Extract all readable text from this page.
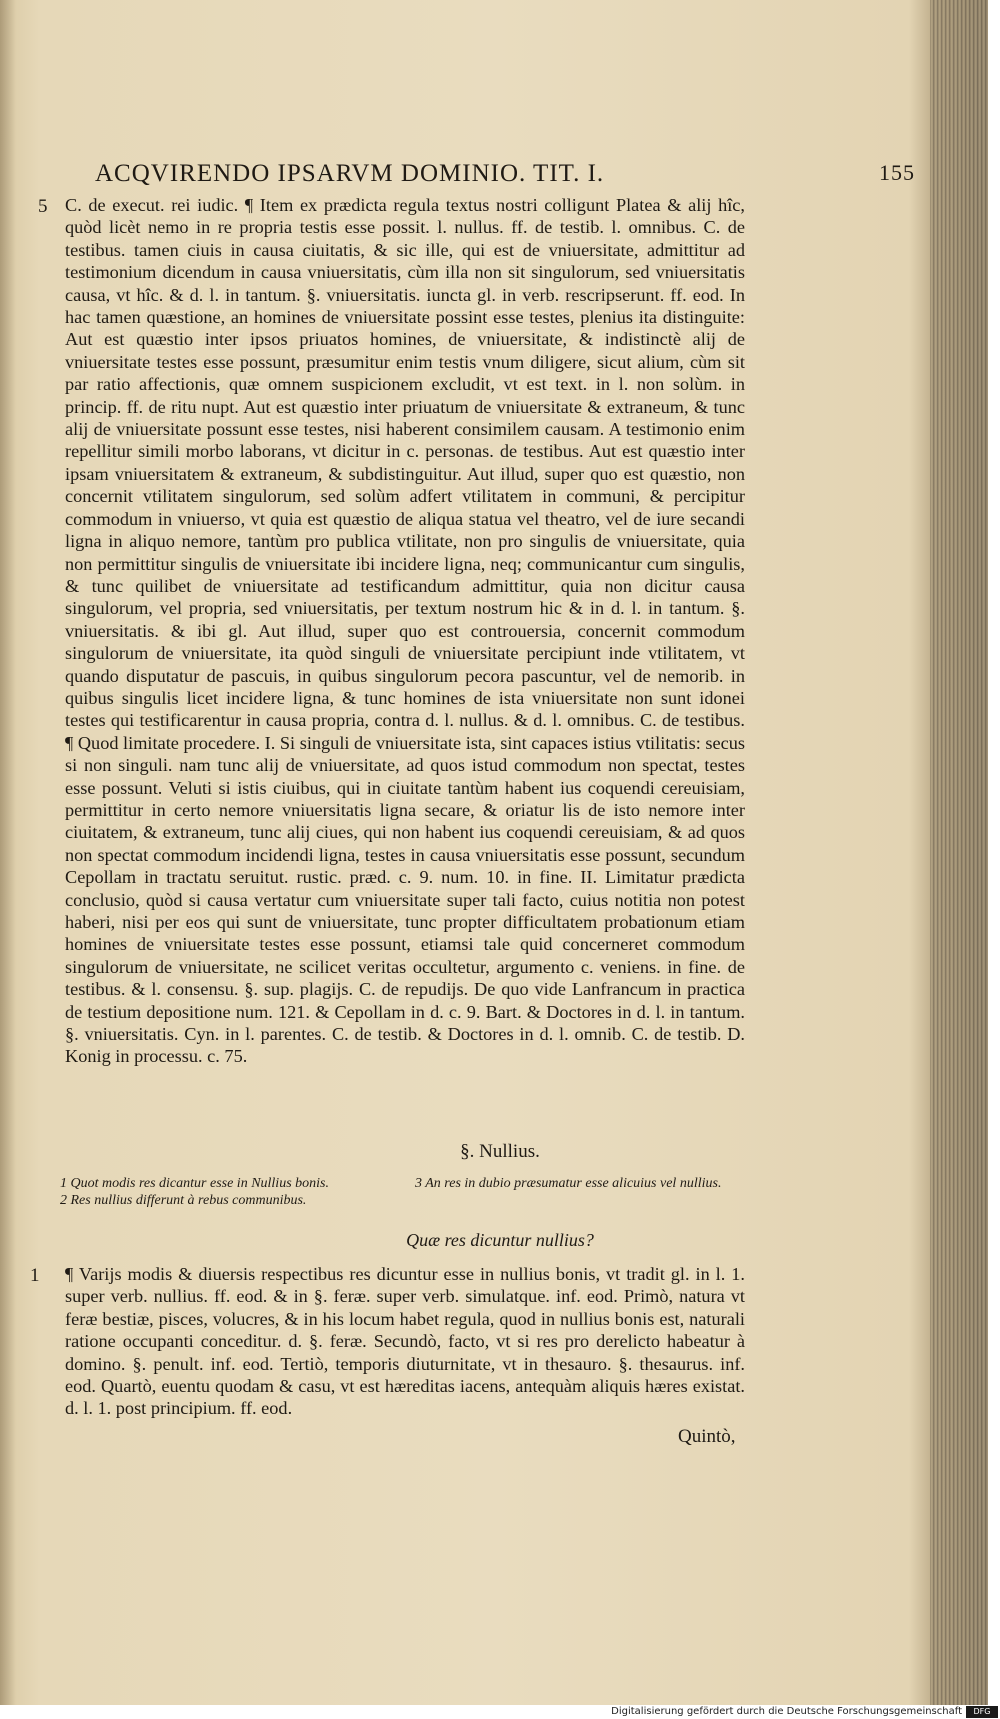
ACQVIRENDO IPSARVM DOMINIO. TIT. I.	155
5 C. de execut. rei iudic. ¶ Item ex prædicta regula textus nostri colligunt Platea & alij hîc, quòd licèt nemo in re propria testis esse possit. l. nullus. ff. de testib. l. omnibus. C. de testibus. tamen ciuis in causa ciuitatis, & sic ille, qui est de vniuersitate, admittitur ad testimonium dicendum in causa vniuersitatis, cùm illa non sit singulorum, sed vniuersitatis causa, vt hîc. & d. l. in tantum. §. vniuersitatis. iuncta gl. in verb. rescripserunt. ff. eod. In hac tamen quæstione, an homines de vniuersitate possint esse testes, plenius ita distinguite: Aut est quæstio inter ipsos priuatos homines, de vniuersitate, & indistinctè alij de vniuersitate testes esse possunt, præsumitur enim testis vnum diligere, sicut alium, cùm sit par ratio affectionis, quæ omnem suspicionem excludit, vt est text. in l. non solùm. in princip. ff. de ritu nupt. Aut est quæstio inter priuatum de vniuersitate & extraneum, & tunc alij de vniuersitate possunt esse testes, nisi haberent consimilem causam. A testimonio enim repellitur simili morbo laborans, vt dicitur in c. personas. de testibus. Aut est quæstio inter ipsam vniuersitatem & extraneum, & subdistinguitur. Aut illud, super quo est quæstio, non concernit vtilitatem singulorum, sed solùm adfert vtilitatem in communi, & percipitur commodum in vniuerso, vt quia est quæstio de aliqua statua vel theatro, vel de iure secandi ligna in aliquo nemore, tantùm pro publica vtilitate, non pro singulis de vniuersitate, quia non permittitur singulis de vniuersitate ibi incidere ligna, neq; communicantur cum singulis, & tunc quilibet de vniuersitate ad testificandum admittitur, quia non dicitur causa singulorum, vel propria, sed vniuersitatis, per textum nostrum hic & in d. l. in tantum. §. vniuersitatis. & ibi gl. Aut illud, super quo est controuersia, concernit commodum singulorum de vniuersitate, ita quòd singuli de vniuersitate percipiunt inde vtilitatem, vt quando disputatur de pascuis, in quibus singulorum pecora pascuntur, vel de nemorib. in quibus singulis licet incidere ligna, & tunc homines de ista vniuersitate non sunt idonei testes qui testificarentur in causa propria, contra d. l. nullus. & d. l. omnibus. C. de testibus. ¶ Quod limitate procedere. I. Si singuli de vniuersitate ista, sint capaces istius vtilitatis: secus si non singuli. nam tunc alij de vniuersitate, ad quos istud commodum non spectat, testes esse possunt. Veluti si istis ciuibus, qui in ciuitate tantùm habent ius coquendi cereuisiam, permittitur in certo nemore vniuersitatis ligna secare, & oriatur lis de isto nemore inter ciuitatem, & extraneum, tunc alij ciues, qui non habent ius coquendi cereuisiam, & ad quos non spectat commodum incidendi ligna, testes in causa vniuersitatis esse possunt, secundum Cepollam in tractatu seruitut. rustic. præd. c. 9. num. 10. in fine. II. Limitatur prædicta conclusio, quòd si causa vertatur cum vniuersitate super tali facto, cuius notitia non potest haberi, nisi per eos qui sunt de vniuersitate, tunc propter difficultatem probationum etiam homines de vniuersitate testes esse possunt, etiamsi tale quid concerneret commodum singulorum de vniuersitate, ne scilicet veritas occultetur, argumento c. veniens. in fine. de testibus. & l. consensu. §. sup. plagijs. C. de repudijs. De quo vide Lanfrancum in practica de testium depositione num. 121. & Cepollam in d. c. 9. Bart. & Doctores in d. l. in tantum. §. vniuersitatis. Cyn. in l. parentes. C. de testib. & Doctores in d. l. omnib. C. de testib. D. Konig in processu. c. 75.

§. Nullius.
1 Quot modis res dicantur esse in Nullius bonis.
2 Res nullius differunt à rebus communibus.
3 An res in dubio præsumatur esse alicuius vel nullius.
Quæ res dicuntur nullius?
1 ¶ Varijs modis & diuersis respectibus res dicuntur esse in nullius bonis, vt tradit gl. in l. 1. super verb. nullius. ff. eod. & in §. feræ. super verb. simulatque. inf. eod. Primò, natura vt feræ bestiæ, pisces, volucres, & in his locum habet regula, quod in nullius bonis est, naturali ratione occupanti conceditur. d. §. feræ. Secundò, facto, vt si res pro derelicto habeatur à domino. §. penult. inf. eod. Tertiò, temporis diuturnitate, vt in thesauro. §. thesaurus. inf. eod. Quartò, euentu quodam & casu, vt est hæreditas iacens, antequàm aliquis hæres existat. d. l. 1. post principium. ff. eod.
Quintò,
Digitalisierung gefördert durch die Deutsche Forschungsgemeinschaft	DFG
